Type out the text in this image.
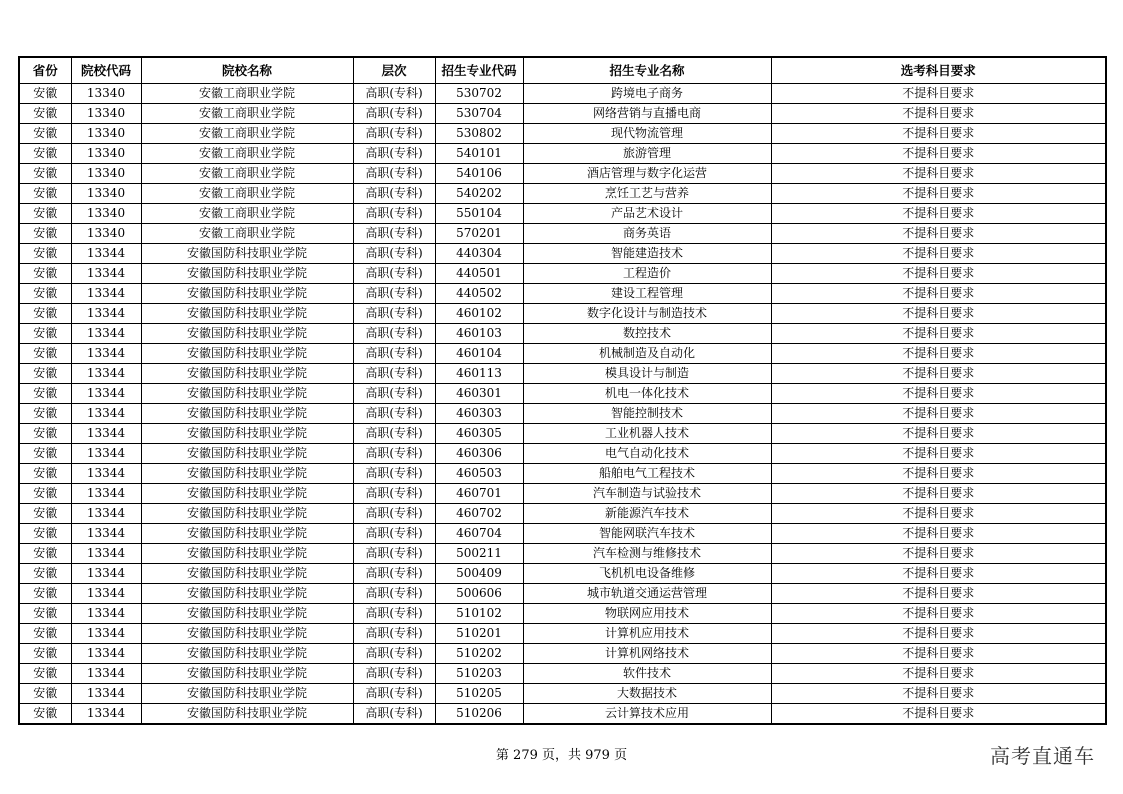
省份	院校代码	院校名称	层次	招生专业代码	招生专业名称	选考科目要求
安徽	13340	安徽工商职业学院	高职(专科)	530702	跨境电子商务	不提科目要求
安徽	13340	安徽工商职业学院	高职(专科)	530704	网络营销与直播电商	不提科目要求
安徽	13340	安徽工商职业学院	高职(专科)	530802	现代物流管理	不提科目要求
安徽	13340	安徽工商职业学院	高职(专科)	540101	旅游管理	不提科目要求
安徽	13340	安徽工商职业学院	高职(专科)	540106	酒店管理与数字化运营	不提科目要求
安徽	13340	安徽工商职业学院	高职(专科)	540202	烹饪工艺与营养	不提科目要求
安徽	13340	安徽工商职业学院	高职(专科)	550104	产品艺术设计	不提科目要求
安徽	13340	安徽工商职业学院	高职(专科)	570201	商务英语	不提科目要求
安徽	13344	安徽国防科技职业学院	高职(专科)	440304	智能建造技术	不提科目要求
安徽	13344	安徽国防科技职业学院	高职(专科)	440501	工程造价	不提科目要求
安徽	13344	安徽国防科技职业学院	高职(专科)	440502	建设工程管理	不提科目要求
安徽	13344	安徽国防科技职业学院	高职(专科)	460102	数字化设计与制造技术	不提科目要求
安徽	13344	安徽国防科技职业学院	高职(专科)	460103	数控技术	不提科目要求
安徽	13344	安徽国防科技职业学院	高职(专科)	460104	机械制造及自动化	不提科目要求
安徽	13344	安徽国防科技职业学院	高职(专科)	460113	模具设计与制造	不提科目要求
安徽	13344	安徽国防科技职业学院	高职(专科)	460301	机电一体化技术	不提科目要求
安徽	13344	安徽国防科技职业学院	高职(专科)	460303	智能控制技术	不提科目要求
安徽	13344	安徽国防科技职业学院	高职(专科)	460305	工业机器人技术	不提科目要求
安徽	13344	安徽国防科技职业学院	高职(专科)	460306	电气自动化技术	不提科目要求
安徽	13344	安徽国防科技职业学院	高职(专科)	460503	船舶电气工程技术	不提科目要求
安徽	13344	安徽国防科技职业学院	高职(专科)	460701	汽车制造与试验技术	不提科目要求
安徽	13344	安徽国防科技职业学院	高职(专科)	460702	新能源汽车技术	不提科目要求
安徽	13344	安徽国防科技职业学院	高职(专科)	460704	智能网联汽车技术	不提科目要求
安徽	13344	安徽国防科技职业学院	高职(专科)	500211	汽车检测与维修技术	不提科目要求
安徽	13344	安徽国防科技职业学院	高职(专科)	500409	飞机机电设备维修	不提科目要求
安徽	13344	安徽国防科技职业学院	高职(专科)	500606	城市轨道交通运营管理	不提科目要求
安徽	13344	安徽国防科技职业学院	高职(专科)	510102	物联网应用技术	不提科目要求
安徽	13344	安徽国防科技职业学院	高职(专科)	510201	计算机应用技术	不提科目要求
安徽	13344	安徽国防科技职业学院	高职(专科)	510202	计算机网络技术	不提科目要求
安徽	13344	安徽国防科技职业学院	高职(专科)	510203	软件技术	不提科目要求
安徽	13344	安徽国防科技职业学院	高职(专科)	510205	大数据技术	不提科目要求
安徽	13344	安徽国防科技职业学院	高职(专科)	510206	云计算技术应用	不提科目要求
第 279 页，共 979 页	高考直通车
